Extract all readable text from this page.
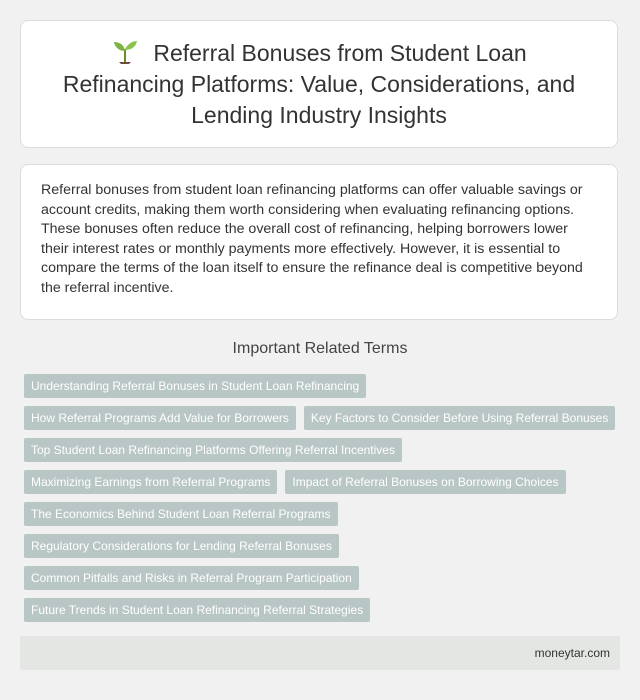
Referral Bonuses from Student Loan Refinancing Platforms: Value, Considerations, and Lending Industry Insights

Referral bonuses from student loan refinancing platforms can offer valuable savings or account credits, making them worth considering when evaluating refinancing options. These bonuses often reduce the overall cost of refinancing, helping borrowers lower their interest rates or monthly payments more effectively. However, it is essential to compare the terms of the loan itself to ensure the refinance deal is competitive beyond the referral incentive.

Important Related Terms
Understanding Referral Bonuses in Student Loan Refinancing
How Referral Programs Add Value for Borrowers	Key Factors to Consider Before Using Referral Bonuses
Top Student Loan Refinancing Platforms Offering Referral Incentives
Maximizing Earnings from Referral Programs	Impact of Referral Bonuses on Borrowing Choices
The Economics Behind Student Loan Referral Programs
Regulatory Considerations for Lending Referral Bonuses
Common Pitfalls and Risks in Referral Program Participation
Future Trends in Student Loan Refinancing Referral Strategies
moneytar.com
